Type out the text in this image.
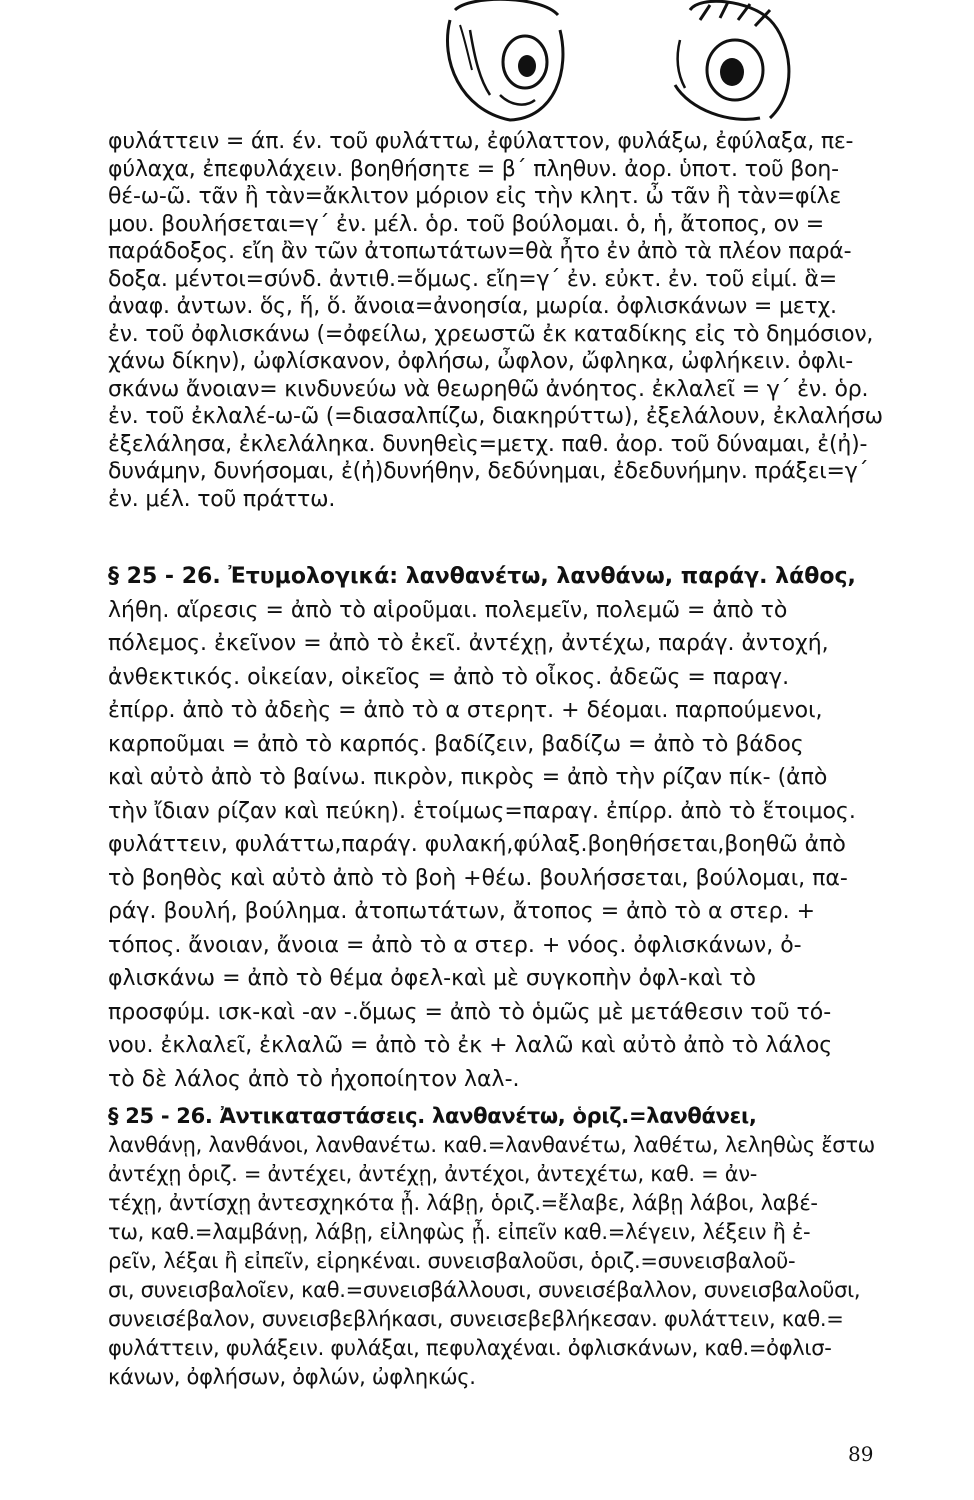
φυλάττειν = άπ. έν. τοῦ φυλάττω, ἐφύλαττον, φυλάξω, ἐφύλαξα, πε-
φύλαχα, ἐπεφυλάχειν. βοηθήσητε = β΄ πληθυν. ἀορ. ὑποτ. τοῦ βοη-
θέ-ω-ῶ. τᾶν ἢ τὰν=ἄκλιτον μόριον εἰς τὴν κλητ. ὦ τᾶν ἢ τὰν=φίλε
μου. βουλήσεται=γ΄ ἐν. μέλ. ὁρ. τοῦ βούλομαι. ὁ, ἡ, ἄτοπος, ον =
παράδοξος. εἴη ἂν τῶν ἀτοπωτάτων=θὰ ἦτο ἐν ἀπὸ τὰ πλέον παρά-
δοξα. μέντοι=σύνδ. ἀντιθ.=ὅμως. εἴη=γ΄ ἐν. εὐκτ. ἐν. τοῦ εἰμί. ἃ=
ἀναφ. ἀντων. ὅς, ἥ, ὅ. ἄνοια=ἀνοησία, μωρία. ὀφλισκάνων = μετχ.
ἐν. τοῦ ὀφλισκάνω (=ὀφείλω, χρεωστῶ ἐκ καταδίκης εἰς τὸ δημόσιον,
χάνω δίκην), ὠφλίσκανον, ὀφλήσω, ὦφλον, ὤφληκα, ὠφλήκειν. ὀφλι-
σκάνω ἄνοιαν= κινδυνεύω νὰ θεωρηθῶ ἀνόητος. ἐκλαλεῖ = γ΄ ἐν. ὁρ.
ἐν. τοῦ ἐκλαλέ-ω-ῶ (=διασαλπίζω, διακηρύττω), ἐξελάλουν, ἐκλαλήσω
ἐξελάλησα, ἐκλελάληκα. δυνηθεὶς=μετχ. παθ. ἀορ. τοῦ δύναμαι, ἐ(ἠ)-
δυνάμην, δυνήσομαι, ἐ(ἠ)δυνήθην, δεδύνημαι, ἐδεδυνήμην. πράξει=γ΄
ἐν. μέλ. τοῦ πράττω.
§ 25 - 26. Ἐτυμολογικά: λανθανέτω, λανθάνω, παράγ. λάθος,
λήθη. αἵρεσις = ἀπὸ τὸ αἱροῦμαι. πολεμεῖν, πολεμῶ = ἀπὸ τὸ
πόλεμος. ἐκεῖνον = ἀπὸ τὸ ἐκεῖ. ἀντέχῃ, ἀντέχω, παράγ. ἀντοχή,
ἀνθεκτικός. οἰκείαν, οἰκεῖος = ἀπὸ τὸ οἶκος. ἀδεῶς = παραγ.
ἐπίρρ. ἀπὸ τὸ ἀδεὴς = ἀπὸ τὸ α στερητ. + δέομαι. παρπούμενοι,
καρποῦμαι = ἀπὸ τὸ καρπός. βαδίζειν, βαδίζω = ἀπὸ τὸ βάδος
καὶ αὐτὸ ἀπὸ τὸ βαίνω. πικρὸν, πικρὸς = ἀπὸ τὴν ρίζαν πίκ- (ἀπὸ
τὴν ἴδιαν ρίζαν καὶ πεύκη). ἑτοίμως=παραγ. ἐπίρρ. ἀπὸ τὸ ἕτοιμος.
φυλάττειν, φυλάττω,παράγ. φυλακή,φύλαξ.βοηθήσεται,βοηθῶ ἀπὸ
τὸ βοηθὸς καὶ αὐτὸ ἀπὸ τὸ βοὴ +θέω. βουλήσσεται, βούλομαι, πα-
ράγ. βουλή, βούλημα. ἀτοπωτάτων, ἄτοπος = ἀπὸ τὸ α στερ. +
τόπος. ἄνοιαν, ἄνοια = ἀπὸ τὸ α στερ. + νόος. ὀφλισκάνων, ὀ-
φλισκάνω = ἀπὸ τὸ θέμα ὀφελ-καὶ μὲ συγκοπὴν ὀφλ-καὶ τὸ
προσφύμ. ισκ-καὶ -αν -.ὅμως = ἀπὸ τὸ ὁμῶς μὲ μετάθεσιν τοῦ τό-
νου. ἐκλαλεῖ, ἐκλαλῶ = ἀπὸ τὸ ἐκ + λαλῶ καὶ αὐτὸ ἀπὸ τὸ λάλος
τὸ δὲ λάλος ἀπὸ τὸ ἠχοποίητον λαλ-.
§ 25 - 26. Ἀντικαταστάσεις. λανθανέτω, ὁριζ.=λανθάνει,
λανθάνῃ, λανθάνοι, λανθανέτω. καθ.=λανθανέτω, λαθέτω, λεληθὼς ἔστω
ἀντέχῃ ὁριζ. = ἀντέχει, ἀντέχῃ, ἀντέχοι, ἀντεχέτω, καθ. = ἀν-
τέχῃ, ἀντίσχῃ ἀντεσχηκότα ᾖ. λάβῃ, ὁριζ.=ἔλαβε, λάβῃ λάβοι, λαβέ-
τω, καθ.=λαμβάνῃ, λάβῃ, εἰληφὼς ᾖ. εἰπεῖν καθ.=λέγειν, λέξειν ἢ ἐ-
ρεῖν, λέξαι ἢ εἰπεῖν, εἰρηκέναι. συνεισβαλοῦσι, ὁριζ.=συνεισβαλοῦ-
σι, συνεισβαλοῖεν, καθ.=συνεισβάλλουσι, συνεισέβαλλον, συνεισβαλοῦσι,
συνεισέβαλον, συνεισβεβλήκασι, συνεισεβεβλήκεσαν. φυλάττειν, καθ.=
φυλάττειν, φυλάξειν. φυλάξαι, πεφυλαχέναι. ὀφλισκάνων, καθ.=ὀφλισ-
κάνων, ὀφλήσων, ὀφλών, ὠφληκώς.
89
